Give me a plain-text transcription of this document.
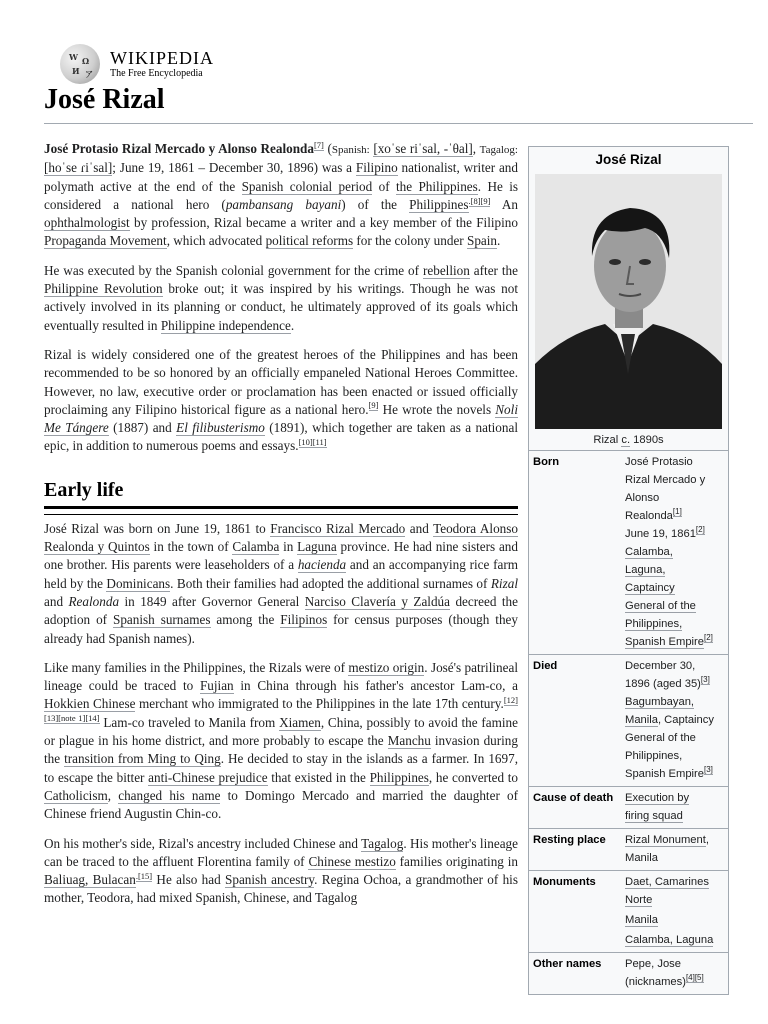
W Ω
И ア
WIKIPEDIA
The Free Encyclopedia
José Rizal

José Protasio Rizal Mercado y Alonso Realonda[7] (Spanish: [xoˈse riˈsal, -ˈθal], Tagalog: [hoˈse ɾiˈsal]; June 19, 1861 – December 30, 1896) was a Filipino nationalist, writer and polymath active at the end of the Spanish colonial period of the Philippines. He is considered a national hero (pambansang bayani) of the Philippines$^{.[8][9]}$ An ophthalmologist by profession, Rizal became a writer and a key member of the Filipino Propaganda Movement, which advocated political reforms for the colony under Spain.

He was executed by the Spanish colonial government for the crime of rebellion after the Philippine Revolution broke out; it was inspired by his writings. Though he was not actively involved in its planning or conduct, he ultimately approved of its goals which eventually resulted in Philippine independence.

Rizal is widely considered one of the greatest heroes of the Philippines and has been recommended to be so honored by an officially empaneled National Heroes Committee. However, no law, executive order or proclamation has been enacted or issued officially proclaiming any Filipino historical figure as a national hero.[9] He wrote the novels Noli Me Tángere (1887) and El filibusterismo (1891), which together are taken as a national epic, in addition to numerous poems and essays.[10][11]

Early life

José Rizal was born on June 19, 1861 to Francisco Rizal Mercado and Teodora Alonso Realonda y Quintos in the town of Calamba in Laguna province. He had nine sisters and one brother. His parents were leaseholders of a hacienda and an accompanying rice farm held by the Dominicans. Both their families had adopted the additional surnames of Rizal and Realonda in 1849 after Governor General Narciso Clavería y Zaldúa decreed the adoption of Spanish surnames among the Filipinos for census purposes (though they already had Spanish names).

Like many families in the Philippines, the Rizals were of mestizo origin. José's patrilineal lineage could be traced to Fujian in China through his father's ancestor Lam-co, a Hokkien Chinese merchant who immigrated to the Philippines in the late 17th century.[12][13][note 1][14] Lam-co traveled to Manila from Xiamen, China, possibly to avoid the famine or plague in his home district, and more probably to escape the Manchu invasion during the transition from Ming to Qing. He decided to stay in the islands as a farmer. In 1697, to escape the bitter anti-Chinese prejudice that existed in the Philippines, he converted to Catholicism, changed his name to Domingo Mercado and married the daughter of Chinese friend Augustin Chin-co.

On his mother's side, Rizal's ancestry included Chinese and Tagalog. His mother's lineage can be traced to the affluent Florentina family of Chinese mestizo families originating in Baliuag, Bulacan$^{.[15]}$ He also had Spanish ancestry. Regina Ochoa, a grandmother of his mother, Teodora, had mixed Spanish, Chinese, and Tagalog

José Rizal
Rizal c. 1890s
Born	José Protasio
Rizal Mercado y
Alonso
Realonda[1]
June 19, 1861[2]
Calamba,
Laguna,
Captaincy
General of the
Philippines,
Spanish Empire[2]
Died	December 30,
1896 (aged 35)[3]
Bagumbayan,
Manila, Captaincy
General of the
Philippines,
Spanish Empire[3]
Cause of death	Execution by
firing squad
Resting place	Rizal Monument,
Manila
Monuments	Daet, Camarines
Norte
Manila
Calamba, Laguna
Other names	Pepe, Jose
(nicknames)[4][5]
